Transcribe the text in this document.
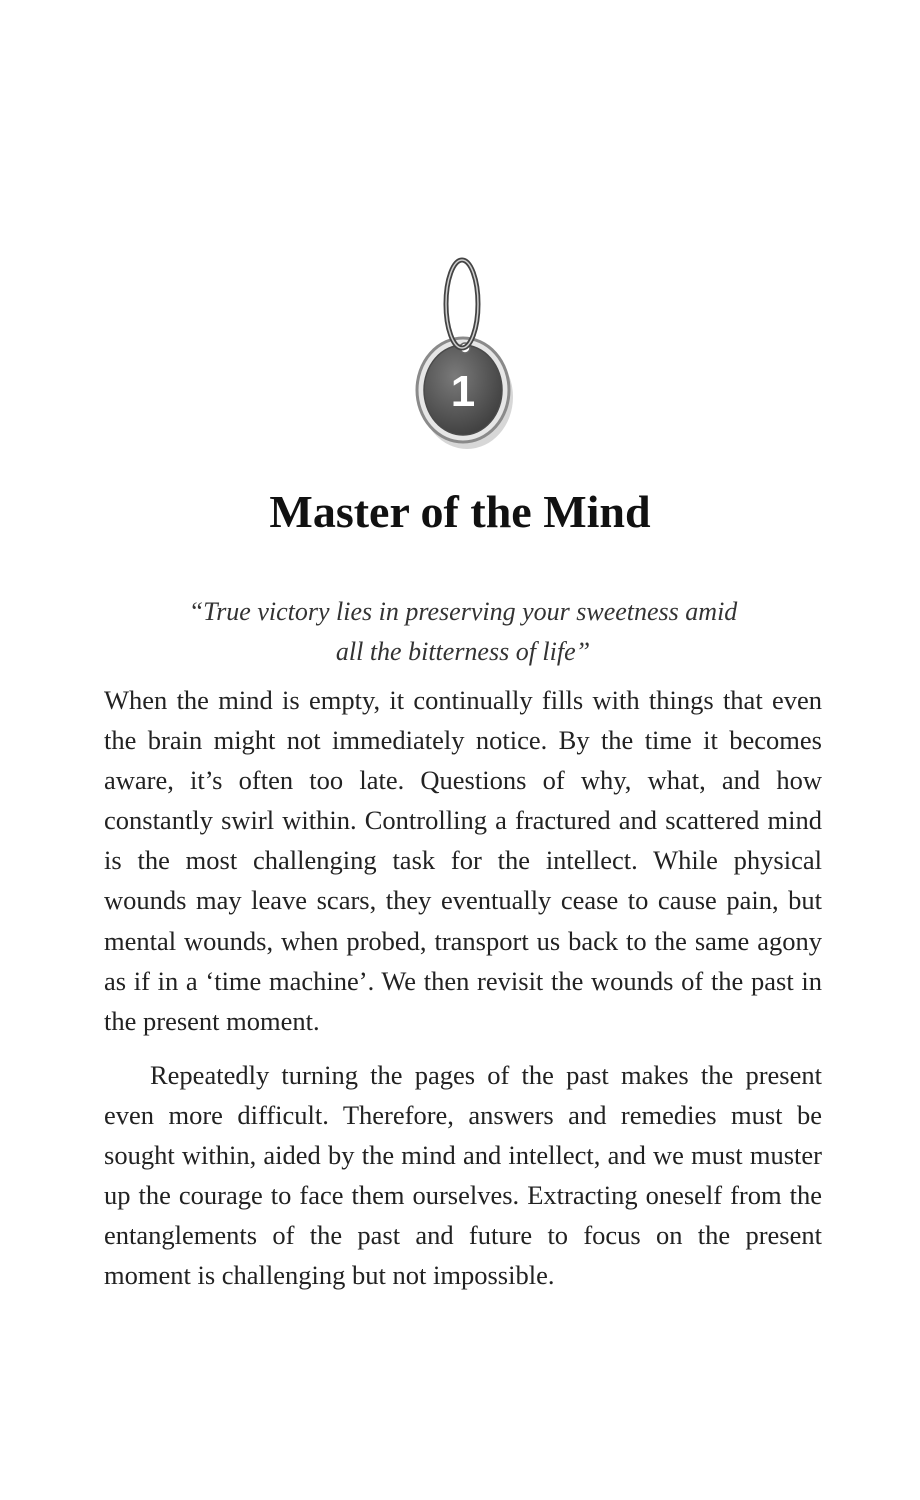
1
Master of the Mind

“True victory lies in preserving your sweetness amid
all the bitterness of life”

When the mind is empty, it continually fills with things that even the brain might not immediately notice. By the time it becomes aware, it’s often too late. Questions of why, what, and how constantly swirl within. Controlling a fractured and scattered mind is the most challenging task for the intellect. While physical wounds may leave scars, they eventually cease to cause pain, but mental wounds, when probed, transport us back to the same agony as if in a ‘time machine’. We then revisit the wounds of the past in the present moment.

Repeatedly turning the pages of the past makes the present even more difficult. Therefore, answers and remedies must be sought within, aided by the mind and intellect, and we must muster up the courage to face them ourselves. Extracting oneself from the entanglements of the past and future to focus on the present moment is challenging but not impossible.
